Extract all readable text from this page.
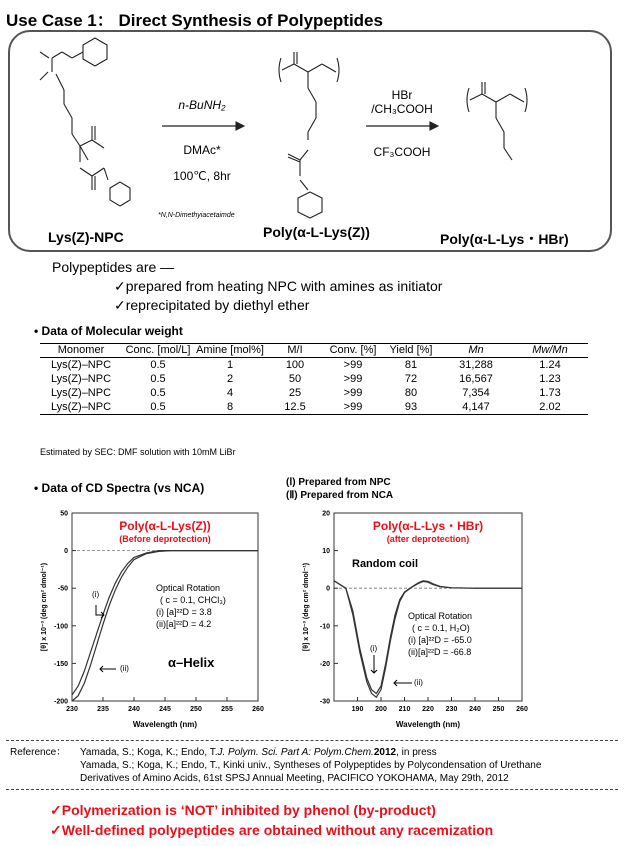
Use Case 1： Direct Synthesis of Polypeptides
n-BuNH₂
DMAc*
100℃, 8hr
*N,N-Dimethyiacetaimde
HBr
/CH₃COOH
CF₃COOH
Lys(Z)-NPC	Poly(α-L-Lys(Z))	Poly(α-L-Lys・HBr)
Polypeptides are —
✓prepared from heating NPC with amines as initiator
✓reprecipitated by diethyl ether
• Data of Molecular weight
Monomer	Conc. [mol/L]	Amine [mol%]	M/I	Conv. [%]	Yield [%]	Mn	Mw/Mn
Lys(Z)–NPC	0.5	1	100	>99	81	31,288	1.24
Lys(Z)–NPC	0.5	2	50	>99	72	16,567	1.23
Lys(Z)–NPC	0.5	4	25	>99	80	7,354	1.73
Lys(Z)–NPC	0.5	8	12.5	>99	93	4,147	2.02
Estimated by SEC: DMF solution with 10mM LiBr
• Data of CD Spectra (vs NCA)	(Ⅰ) Prepared from NPC
(Ⅱ) Prepared from NCA
230	235	240	245	250	255	260
50
0
-50
-100
-150
-200
Wavelength (nm)
[θ] x 10⁻³ (deg cm² dmol⁻¹)
Poly(α-L-Lys(Z))
(Before deprotection)
α–Helix
Optical Rotation
( c = 0.1, CHCl₃)
(i) [a]²²D = 3.8
(ii)[a]²²D = 4.2
(i)
(ii)
190 200 210 220 230 240 250 260
20
10
0
-10
-20
-30
Wavelength (nm)
[θ] x 10⁻³ (deg cm² dmol⁻¹)
Poly(α-L-Lys・HBr)
(after deprotection)
Random coil
Optical Rotation
( c = 0.1, H₂O)
(i) [a]²²D = -65.0
(ii)[a]²²D = -66.8
(i)
(ii)
Reference：	Yamada, S.; Koga, K.; Endo, T. J. Polym. Sci. Part A: Polym.Chem. 2012 , in press
Yamada, S.; Koga, K.; Endo, T., Kinki univ., Syntheses of Polypeptides by Polycondensation of Urethane
Derivatives of Amino Acids, 61st SPSJ Annual Meeting, PACIFICO YOKOHAMA, May 29th, 2012
✓Polymerization is ‘NOT’ inhibited by phenol (by-product)
✓Well-defined polypeptides are obtained without any racemization
